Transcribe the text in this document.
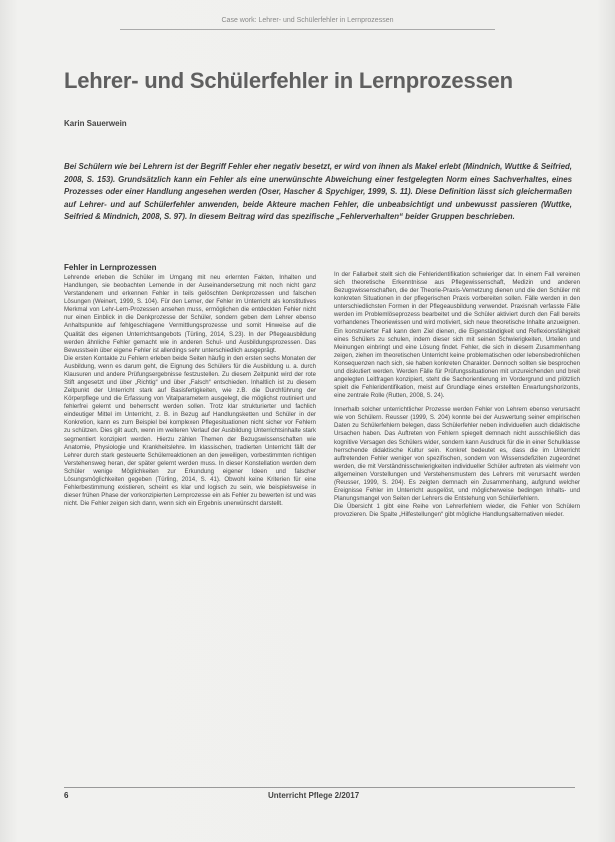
Case work: Lehrer- und Schülerfehler in Lernprozessen
Lehrer- und Schülerfehler in Lernprozessen

Karin Sauerwein

Bei Schülern wie bei Lehrern ist der Begriff Fehler eher negativ besetzt, er wird von ihnen als Makel erlebt (Mindnich, Wuttke & Seifried, 2008, S. 153). Grundsätzlich kann ein Fehler als eine unerwünschte Abweichung einer festgelegten Norm eines Sachverhaltes, eines Prozesses oder einer Handlung angesehen werden (Oser, Hascher & Spychiger, 1999, S. 11). Diese Definition lässt sich gleichermaßen auf Lehrer- und auf Schülerfehler anwenden, beide Akteure machen Fehler, die unbeabsichtigt und unbewusst passieren (Wuttke, Seifried & Mindnich, 2008, S. 97). In diesem Beitrag wird das spezifische „Fehlerverhalten“ beider Gruppen beschrieben.

Fehler in Lernprozessen

Lehrende erleben die Schüler im Umgang mit neu erlernten Fakten, Inhalten und Handlungen, sie beobachten Lernende in der Auseinandersetzung mit noch nicht ganz Verstandenem und erkennen Fehler in teils gelöschten Denkprozessen und falschen Lösungen (Weinert, 1999, S. 104). Für den Lerner, der Fehler im Unterricht als konstitutives Merkmal von Lehr-Lern-Prozessen ansehen muss, ermöglichen die entdeckten Fehler nicht nur einen Einblick in die Denkprozesse der Schüler, sondern geben dem Lehrer ebenso Anhaltspunkte auf fehlgeschlagene Vermittlungsprozesse und somit Hinweise auf die Qualität des eigenen Unterrichtsangebots (Türling, 2014, S.23). In der Pflegeausbildung werden ähnliche Fehler gemacht wie in anderen Schul- und Ausbildungsprozessen. Das Bewusstsein über eigene Fehler ist allerdings sehr unterschiedlich ausgeprägt.

Die ersten Kontakte zu Fehlern erleben beide Seiten häufig in den ersten sechs Monaten der Ausbildung, wenn es darum geht, die Eignung des Schülers für die Ausbildung u. a. durch Klausuren und andere Prüfungsergebnisse festzustellen. Zu diesem Zeitpunkt wird der rote Stift angesetzt und über „Richtig“ und über „Falsch“ entschieden. Inhaltlich ist zu diesem Zeitpunkt der Unterricht stark auf Basisfertigkeiten, wie z.B. die Durchführung der Körperpflege und die Erfassung von Vitalparametern ausgelegt, die möglichst routiniert und fehlerfrei gelernt und beherrscht werden sollen. Trotz klar strukturierter und fachlich eindeutiger Mittel im Unterricht, z. B. in Bezug auf Handlungsketten und Schüler in der Konkretion, kann es zum Beispiel bei komplexen Pflegesituationen nicht sicher vor Fehlern zu schützen. Dies gilt auch, wenn im weiteren Verlauf der Ausbildung Unterrichtsinhalte stark segmentiert konzipiert werden. Hierzu zählen Themen der Bezugswissenschaften wie Anatomie, Physiologie und Krankheitslehre. Im klassischen, tradierten Unterricht fällt der Lehrer durch stark gesteuerte Schülerreaktionen an den jeweiligen, vorbestimmten richtigen Verstehensweg heran, der später gelernt werden muss. In dieser Konstellation werden dem Schüler wenige Möglichkeiten zur Erkundung eigener Ideen und falscher Lösungsmöglichkeiten gegeben (Türling, 2014, S. 41). Obwohl keine Kriterien für eine Fehlerbestimmung existieren, scheint es klar und logisch zu sein, wie beispielsweise in dieser frühen Phase der vorkonzipierten Lernprozesse ein als Fehler zu bewerten ist und was nicht. Die Fehler zeigen sich dann, wenn sich ein Ergebnis unerwünscht darstellt.

In der Fallarbeit stellt sich die Fehleridentifikation schwieriger dar. In einem Fall vereinen sich theoretische Erkenntnisse aus Pflegewissenschaft, Medizin und anderen Bezugswissenschaften, die der Theorie-Praxis-Vernetzung dienen und die den Schüler mit konkreten Situationen in der pflegerischen Praxis vorbereiten sollen. Fälle werden in den unterschiedlichsten Formen in der Pflegeausbildung verwendet. Praxisnah verfasste Fälle werden im Problemlöseprozess bearbeitet und die Schüler aktiviert durch den Fall bereits vorhandenes Theoriewissen und wird motiviert, sich neue theoretische Inhalte anzueignen. Ein konstruierter Fall kann dem Ziel dienen, die Eigenständigkeit und Reflexionsfähigkeit eines Schülers zu schulen, indem dieser sich mit seinen Schwierigkeiten, Urteilen und Meinungen einbringt und eine Lösung findet. Fehler, die sich in diesem Zusammenhang zeigen, ziehen im theoretischen Unterricht keine problematischen oder lebensbedrohlichen Konsequenzen nach sich, sie haben konkreten Charakter. Dennoch sollten sie besprochen und diskutiert werden. Werden Fälle für Prüfungssituationen mit unzureichenden und breit angelegten Leitfragen konzipiert, steht die Sachorientierung im Vordergrund und plötzlich spielt die Fehleridentifikation, meist auf Grundlage eines erstellten Erwartungshorizonts, eine zentrale Rolle (Rutten, 2008, S. 24).

Innerhalb solcher unterrichtlicher Prozesse werden Fehler von Lehrern ebenso verursacht wie von Schülern. Reusser (1999, S. 204) konnte bei der Auswertung seiner empirischen Daten zu Schülerfehlern belegen, dass Schülerfehler neben individuellen auch didaktische Ursachen haben. Das Auftreten von Fehlern spiegelt demnach nicht ausschließlich das kognitive Versagen des Schülers wider, sondern kann Ausdruck für die in einer Schulklasse herrschende didaktische Kultur sein. Konkret bedeutet es, dass die im Unterricht auftretenden Fehler weniger von spezifischen, sondern von Wissensdefiziten zugeordnet werden, die mit Verständnisschwierigkeiten individueller Schüler auftreten als vielmehr von allgemeinen Vorstellungen und Verstehensmustern des Lehrers mit verursacht werden (Reusser, 1999, S. 204). Es zeigten demnach ein Zusammenhang, aufgrund welcher Ereignisse Fehler im Unterricht ausgelöst, und möglicherweise bedingen Inhalts- und Planungsmangel von Seiten der Lehrers die Entstehung von Schülerfehlern.

Die Übersicht 1 gibt eine Reihe von Lehrerfehlern wieder, die Fehler von Schülern provozieren. Die Spalte „Hilfestellungen“ gibt mögliche Handlungsalternativen wieder.

6	Unterricht Pflege 2/2017
